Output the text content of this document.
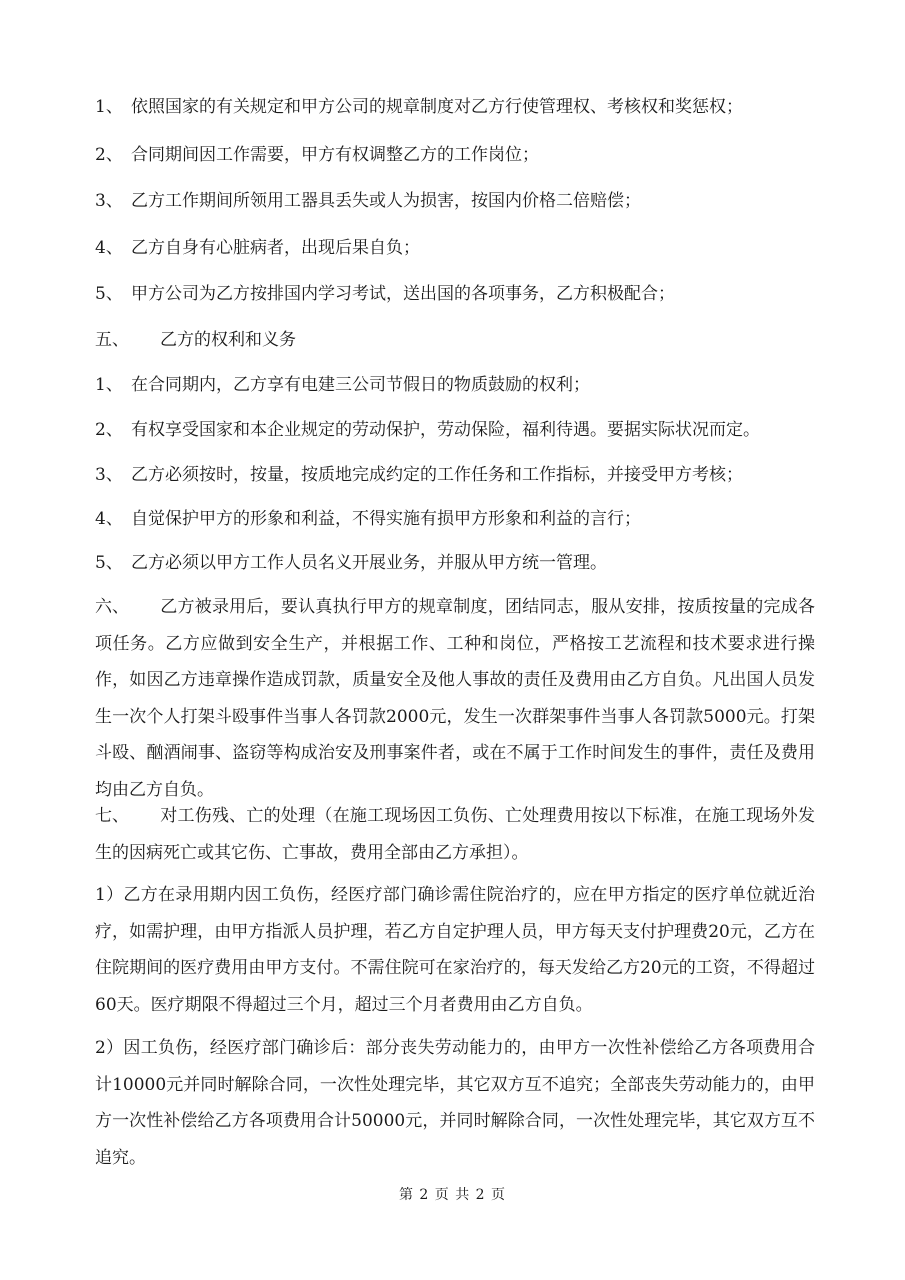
1、 依照国家的有关规定和甲方公司的规章制度对乙方行使管理权、考核权和奖惩权；
2、 合同期间因工作需要，甲方有权调整乙方的工作岗位；
3、 乙方工作期间所领用工器具丢失或人为损害，按国内价格二倍赔偿；
4、 乙方自身有心脏病者，出现后果自负；
5、 甲方公司为乙方按排国内学习考试，送出国的各项事务，乙方积极配合；
五、 乙方的权利和义务
1、 在合同期内，乙方享有电建三公司节假日的物质鼓励的权利；
2、 有权享受国家和本企业规定的劳动保护，劳动保险，福利待遇。要据实际状况而定。
3、 乙方必须按时，按量，按质地完成约定的工作任务和工作指标，并接受甲方考核；
4、 自觉保护甲方的形象和利益，不得实施有损甲方形象和利益的言行；
5、 乙方必须以甲方工作人员名义开展业务，并服从甲方统一管理。
六、 乙方被录用后，要认真执行甲方的规章制度，团结同志，服从安排，按质按量的完成各项任务。乙方应做到安全生产，并根据工作、工种和岗位，严格按工艺流程和技术要求进行操作，如因乙方违章操作造成罚款，质量安全及他人事故的责任及费用由乙方自负。凡出国人员发生一次个人打架斗殴事件当事人各罚款2000元，发生一次群架事件当事人各罚款5000元。打架斗殴、酗酒闹事、盗窃等构成治安及刑事案件者，或在不属于工作时间发生的事件，责任及费用均由乙方自负。
七、 对工伤残、亡的处理（在施工现场因工负伤、亡处理费用按以下标准，在施工现场外发生的因病死亡或其它伤、亡事故，费用全部由乙方承担）。
1）乙方在录用期内因工负伤，经医疗部门确诊需住院治疗的，应在甲方指定的医疗单位就近治疗，如需护理，由甲方指派人员护理，若乙方自定护理人员，甲方每天支付护理费20元，乙方在住院期间的医疗费用由甲方支付。不需住院可在家治疗的，每天发给乙方20元的工资，不得超过60天。医疗期限不得超过三个月，超过三个月者费用由乙方自负。
2）因工负伤，经医疗部门确诊后：部分丧失劳动能力的，由甲方一次性补偿给乙方各项费用合计10000元并同时解除合同，一次性处理完毕，其它双方互不追究；全部丧失劳动能力的，由甲方一次性补偿给乙方各项费用合计50000元，并同时解除合同，一次性处理完毕，其它双方互不追究。
第 2 页 共 2 页
